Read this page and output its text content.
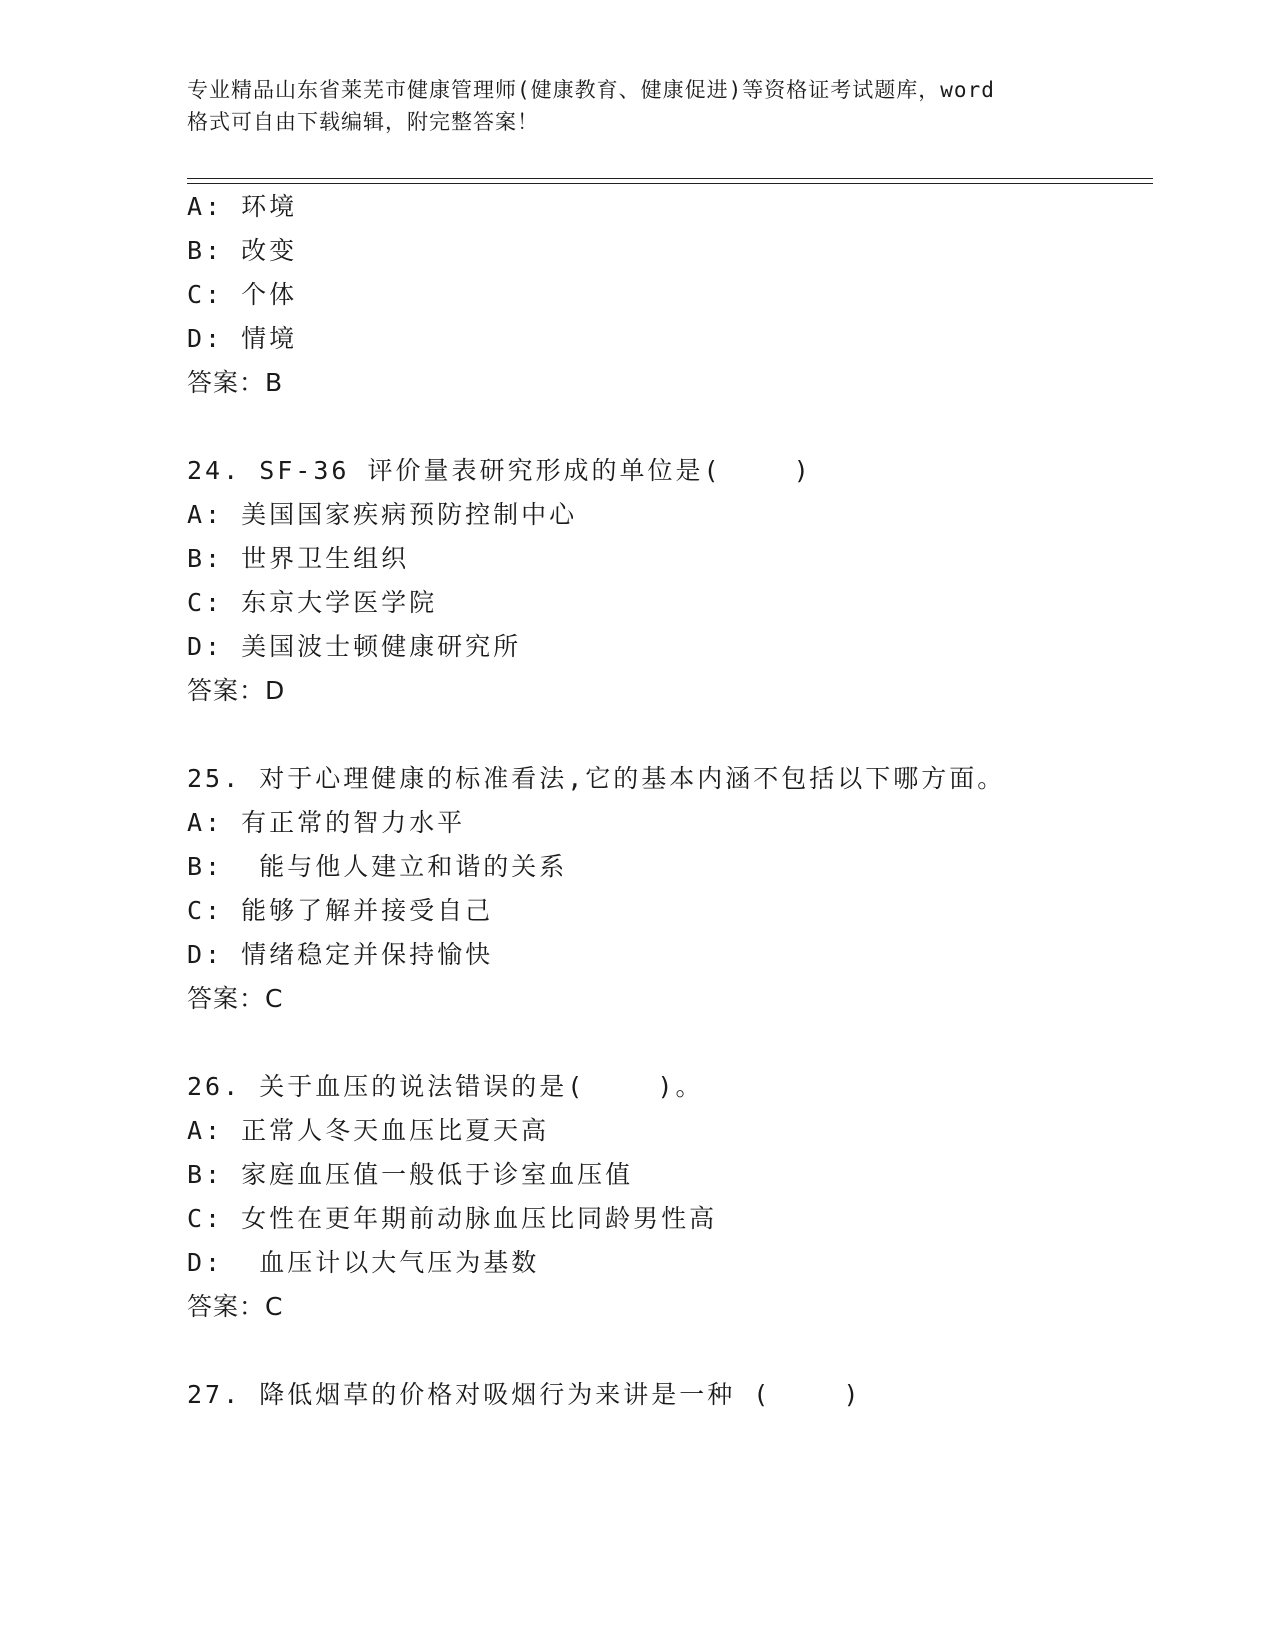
专业精品山东省莱芜市健康管理师(健康教育、健康促进)等资格证考试题库，word
格式可自由下载编辑，附完整答案！
A: 环境
B: 改变
C: 个体
D: 情境
答案：B
24. SF-36 评价量表研究形成的单位是(    )
A: 美国国家疾病预防控制中心
B: 世界卫生组织
C: 东京大学医学院
D: 美国波士顿健康研究所
答案：D
25. 对于心理健康的标准看法,它的基本内涵不包括以下哪方面。
A: 有正常的智力水平
B:  能与他人建立和谐的关系
C: 能够了解并接受自己
D: 情绪稳定并保持愉快
答案：C
26. 关于血压的说法错误的是(    )。
A: 正常人冬天血压比夏天高
B: 家庭血压值一般低于诊室血压值
C: 女性在更年期前动脉血压比同龄男性高
D:  血压计以大气压为基数
答案：C
27. 降低烟草的价格对吸烟行为来讲是一种 (    )
